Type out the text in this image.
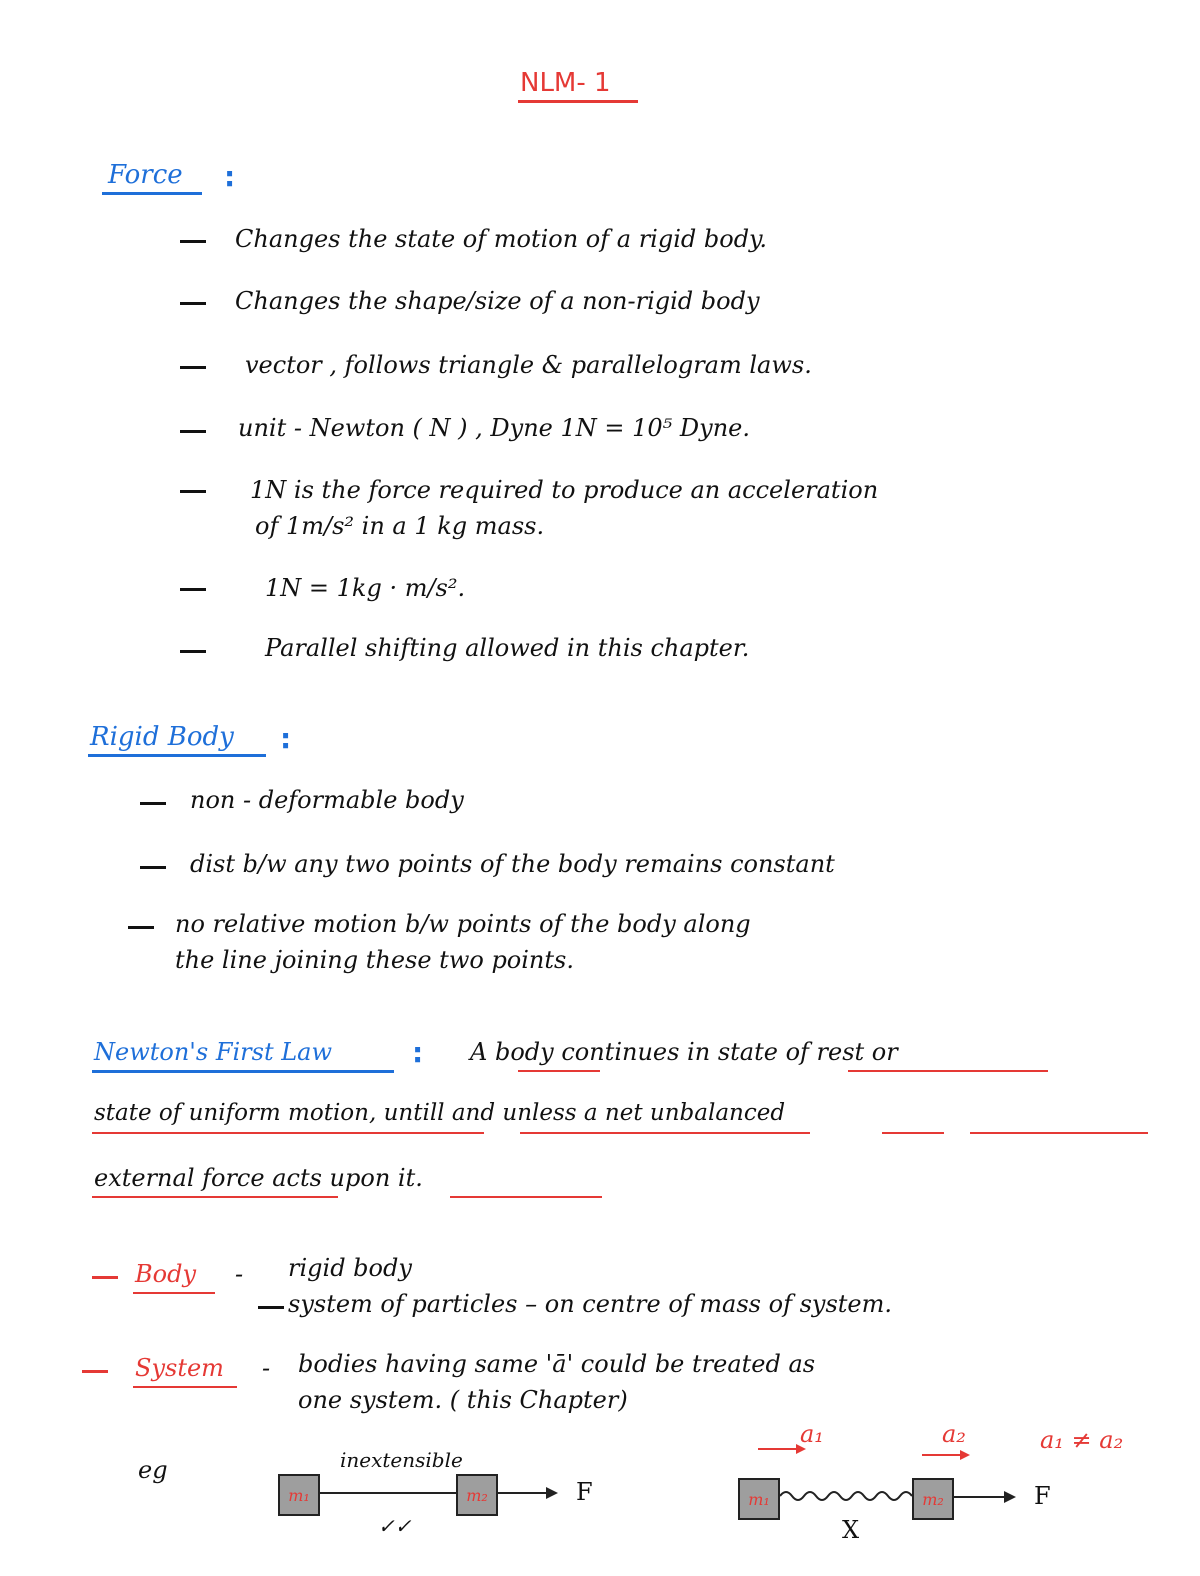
NLM- 1
Force :
Changes the state of motion of a rigid body.
Changes the shape/size of a non-rigid body
vector , follows triangle & parallelogram laws.
unit - Newton ( N ) , Dyne 1N = 10⁵ Dyne.
1N is the force required to produce an acceleration
of 1m/s² in a 1 kg mass.
1N = 1kg · m/s².
Parallel shifting allowed in this chapter.
Rigid Body :
non - deformable body
dist b/w any two points of the body remains constant
no relative motion b/w points of the body along
the line joining these two points.
Newton's First Law	: A body continues in state of rest or
state of uniform motion, untill and unless a net unbalanced
external force acts upon it.
Body - rigid body
system of particles – on centre of mass of system.
System - bodies having same 'ā' could be treated as
one system. ( this Chapter)
eg	inextensible
m₁	m₂	F
✓✓
a₁	a₂	a₁ ≠ a₂
m₁	m₂	F
X
